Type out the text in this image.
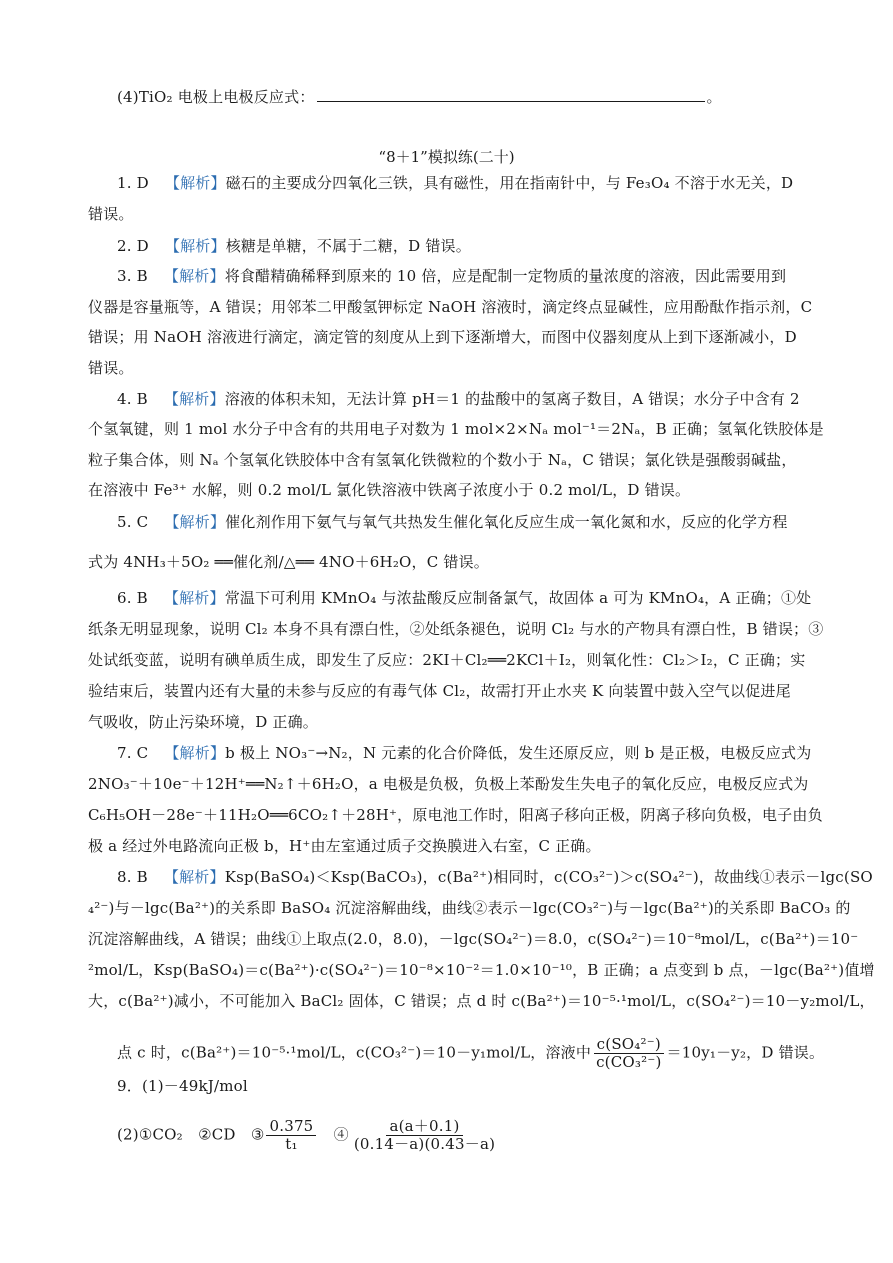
(4)TiO₂ 电极上电极反应式：	。
“8＋1”模拟练(二十)
1. D 【解析】磁石的主要成分四氧化三铁，具有磁性，用在指南针中，与 Fe₃O₄ 不溶于水无关，D
错误。
2. D 【解析】核糖是单糖，不属于二糖，D 错误。
3. B 【解析】将食醋精确稀释到原来的 10 倍，应是配制一定物质的量浓度的溶液，因此需要用到
仪器是容量瓶等，A 错误；用邻苯二甲酸氢钾标定 NaOH 溶液时，滴定终点显碱性，应用酚酞作指示剂，C
错误；用 NaOH 溶液进行滴定，滴定管的刻度从上到下逐渐增大，而图中仪器刻度从上到下逐渐减小，D
错误。
4. B 【解析】溶液的体积未知，无法计算 pH＝1 的盐酸中的氢离子数目，A 错误；水分子中含有 2
个氢氧键，则 1 mol 水分子中含有的共用电子对数为 1 mol×2×Nₐ mol⁻¹＝2Nₐ，B 正确；氢氧化铁胶体是
粒子集合体，则 Nₐ 个氢氧化铁胶体中含有氢氧化铁微粒的个数小于 Nₐ，C 错误；氯化铁是强酸弱碱盐，
在溶液中 Fe³⁺ 水解，则 0.2 mol/L 氯化铁溶液中铁离子浓度小于 0.2 mol/L，D 错误。
5. C 【解析】催化剂作用下氨气与氧气共热发生催化氧化反应生成一氧化氮和水，反应的化学方程
式为 4NH₃＋5O₂ ══催化剂/△══ 4NO＋6H₂O，C 错误。
6. B 【解析】常温下可利用 KMnO₄ 与浓盐酸反应制备氯气，故固体 a 可为 KMnO₄，A 正确；①处
纸条无明显现象，说明 Cl₂ 本身不具有漂白性，②处纸条褪色，说明 Cl₂ 与水的产物具有漂白性，B 错误；③
处试纸变蓝，说明有碘单质生成，即发生了反应：2KI＋Cl₂══2KCl＋I₂，则氧化性：Cl₂＞I₂，C 正确；实
验结束后，装置内还有大量的未参与反应的有毒气体 Cl₂，故需打开止水夹 K 向装置中鼓入空气以促进尾
气吸收，防止污染环境，D 正确。
7. C 【解析】b 极上 NO₃⁻→N₂，N 元素的化合价降低，发生还原反应，则 b 是正极，电极反应式为
2NO₃⁻＋10e⁻＋12H⁺══N₂↑＋6H₂O，a 电极是负极，负极上苯酚发生失电子的氧化反应，电极反应式为
C₆H₅OH－28e⁻＋11H₂O══6CO₂↑＋28H⁺，原电池工作时，阳离子移向正极，阴离子移向负极，电子由负
极 a 经过外电路流向正极 b，H⁺由左室通过质子交换膜进入右室，C 正确。
8. B 【解析】Ksp(BaSO₄)＜Ksp(BaCO₃)，c(Ba²⁺)相同时，c(CO₃²⁻)＞c(SO₄²⁻)，故曲线①表示－lgc(SO
₄²⁻)与－lgc(Ba²⁺)的关系即 BaSO₄ 沉淀溶解曲线，曲线②表示－lgc(CO₃²⁻)与－lgc(Ba²⁺)的关系即 BaCO₃ 的
沉淀溶解曲线，A 错误；曲线①上取点(2.0，8.0)，－lgc(SO₄²⁻)＝8.0，c(SO₄²⁻)＝10⁻⁸mol/L，c(Ba²⁺)＝10⁻
²mol/L，Ksp(BaSO₄)＝c(Ba²⁺)·c(SO₄²⁻)＝10⁻⁸×10⁻²＝1.0×10⁻¹⁰，B 正确；a 点变到 b 点，－lgc(Ba²⁺)值增
大，c(Ba²⁺)减小，不可能加入 BaCl₂ 固体，C 错误；点 d 时 c(Ba²⁺)＝10⁻⁵·¹mol/L，c(SO₄²⁻)＝10－y₂mol/L，
点 c 时，c(Ba²⁺)＝10⁻⁵·¹mol/L，c(CO₃²⁻)＝10－y₁mol/L，溶液中 $\frac{\text{c(SO₄²⁻)}}{\text{c(CO₃²⁻)}} =10y_1-y_2$，D 错误。
9．(1)－49kJ/mol
(2)①CO₂　②CD　③ $\frac{0.375}{\text{t₁}}$ 　④ $\frac{a(a+0.1)}{(0.14-a)(0.43-a)}$
